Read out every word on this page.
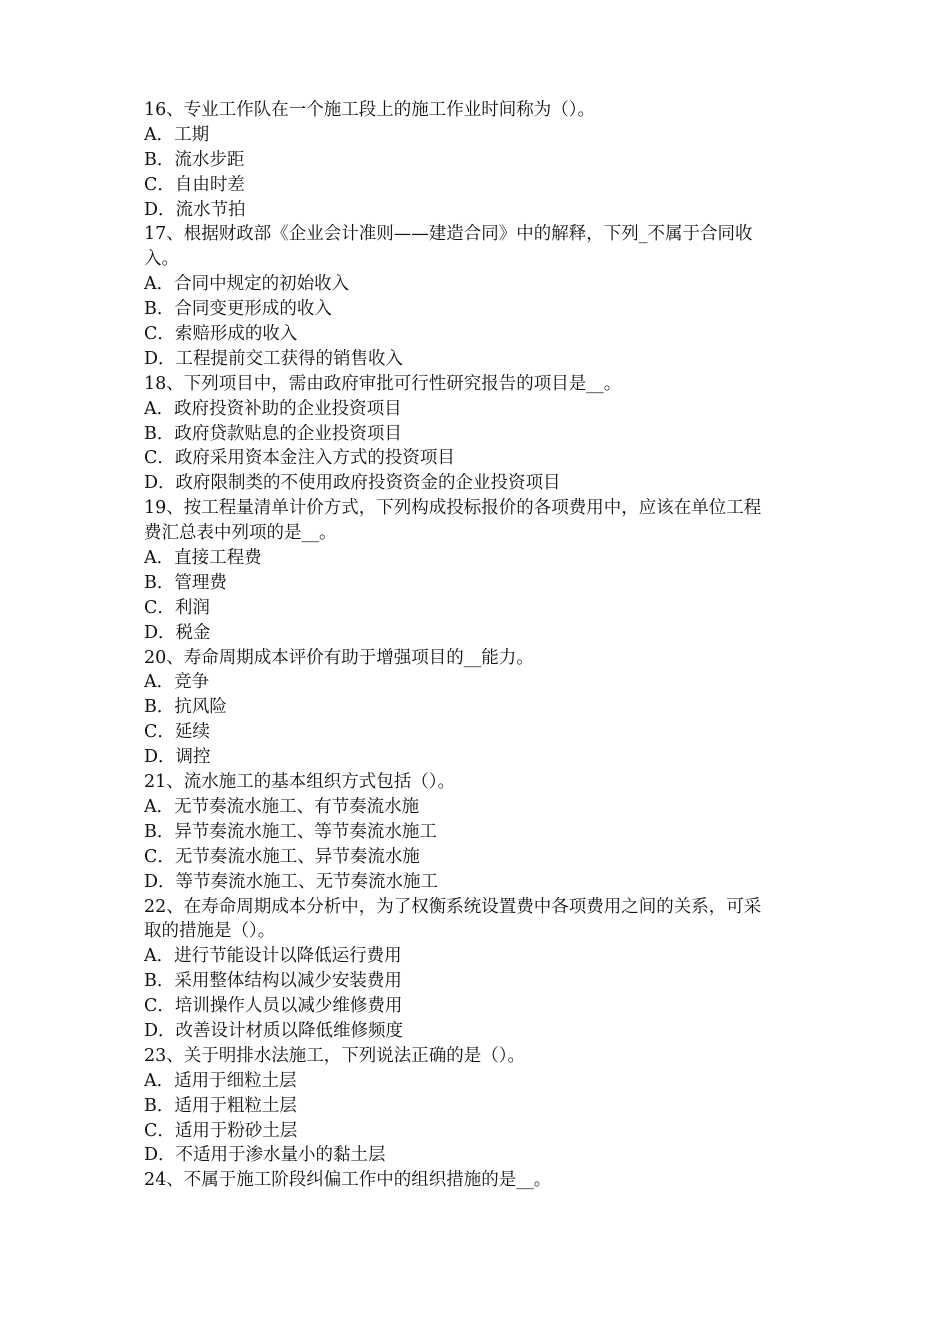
16、专业工作队在一个施工段上的施工作业时间称为（）。
A．工期
B．流水步距
C．自由时差
D．流水节拍
17、根据财政部《企业会计准则——建造合同》中的解释，下列_不属于合同收
入。
A．合同中规定的初始收入
B．合同变更形成的收入
C．索赔形成的收入
D．工程提前交工获得的销售收入
18、下列项目中，需由政府审批可行性研究报告的项目是__。
A．政府投资补助的企业投资项目
B．政府贷款贴息的企业投资项目
C．政府采用资本金注入方式的投资项目
D．政府限制类的不使用政府投资资金的企业投资项目
19、按工程量清单计价方式，下列构成投标报价的各项费用中，应该在单位工程
费汇总表中列项的是__。
A．直接工程费
B．管理费
C．利润
D．税金
20、寿命周期成本评价有助于增强项目的__能力。
A．竞争
B．抗风险
C．延续
D．调控
21、流水施工的基本组织方式包括（）。
A．无节奏流水施工、有节奏流水施
B．异节奏流水施工、等节奏流水施工
C．无节奏流水施工、异节奏流水施
D．等节奏流水施工、无节奏流水施工
22、在寿命周期成本分析中，为了权衡系统设置费中各项费用之间的关系，可采
取的措施是（）。
A．进行节能设计以降低运行费用
B．采用整体结构以减少安装费用
C．培训操作人员以减少维修费用
D．改善设计材质以降低维修频度
23、关于明排水法施工，下列说法正确的是（）。
A．适用于细粒土层
B．适用于粗粒土层
C．适用于粉砂土层
D．不适用于渗水量小的黏土层
24、不属于施工阶段纠偏工作中的组织措施的是__。
